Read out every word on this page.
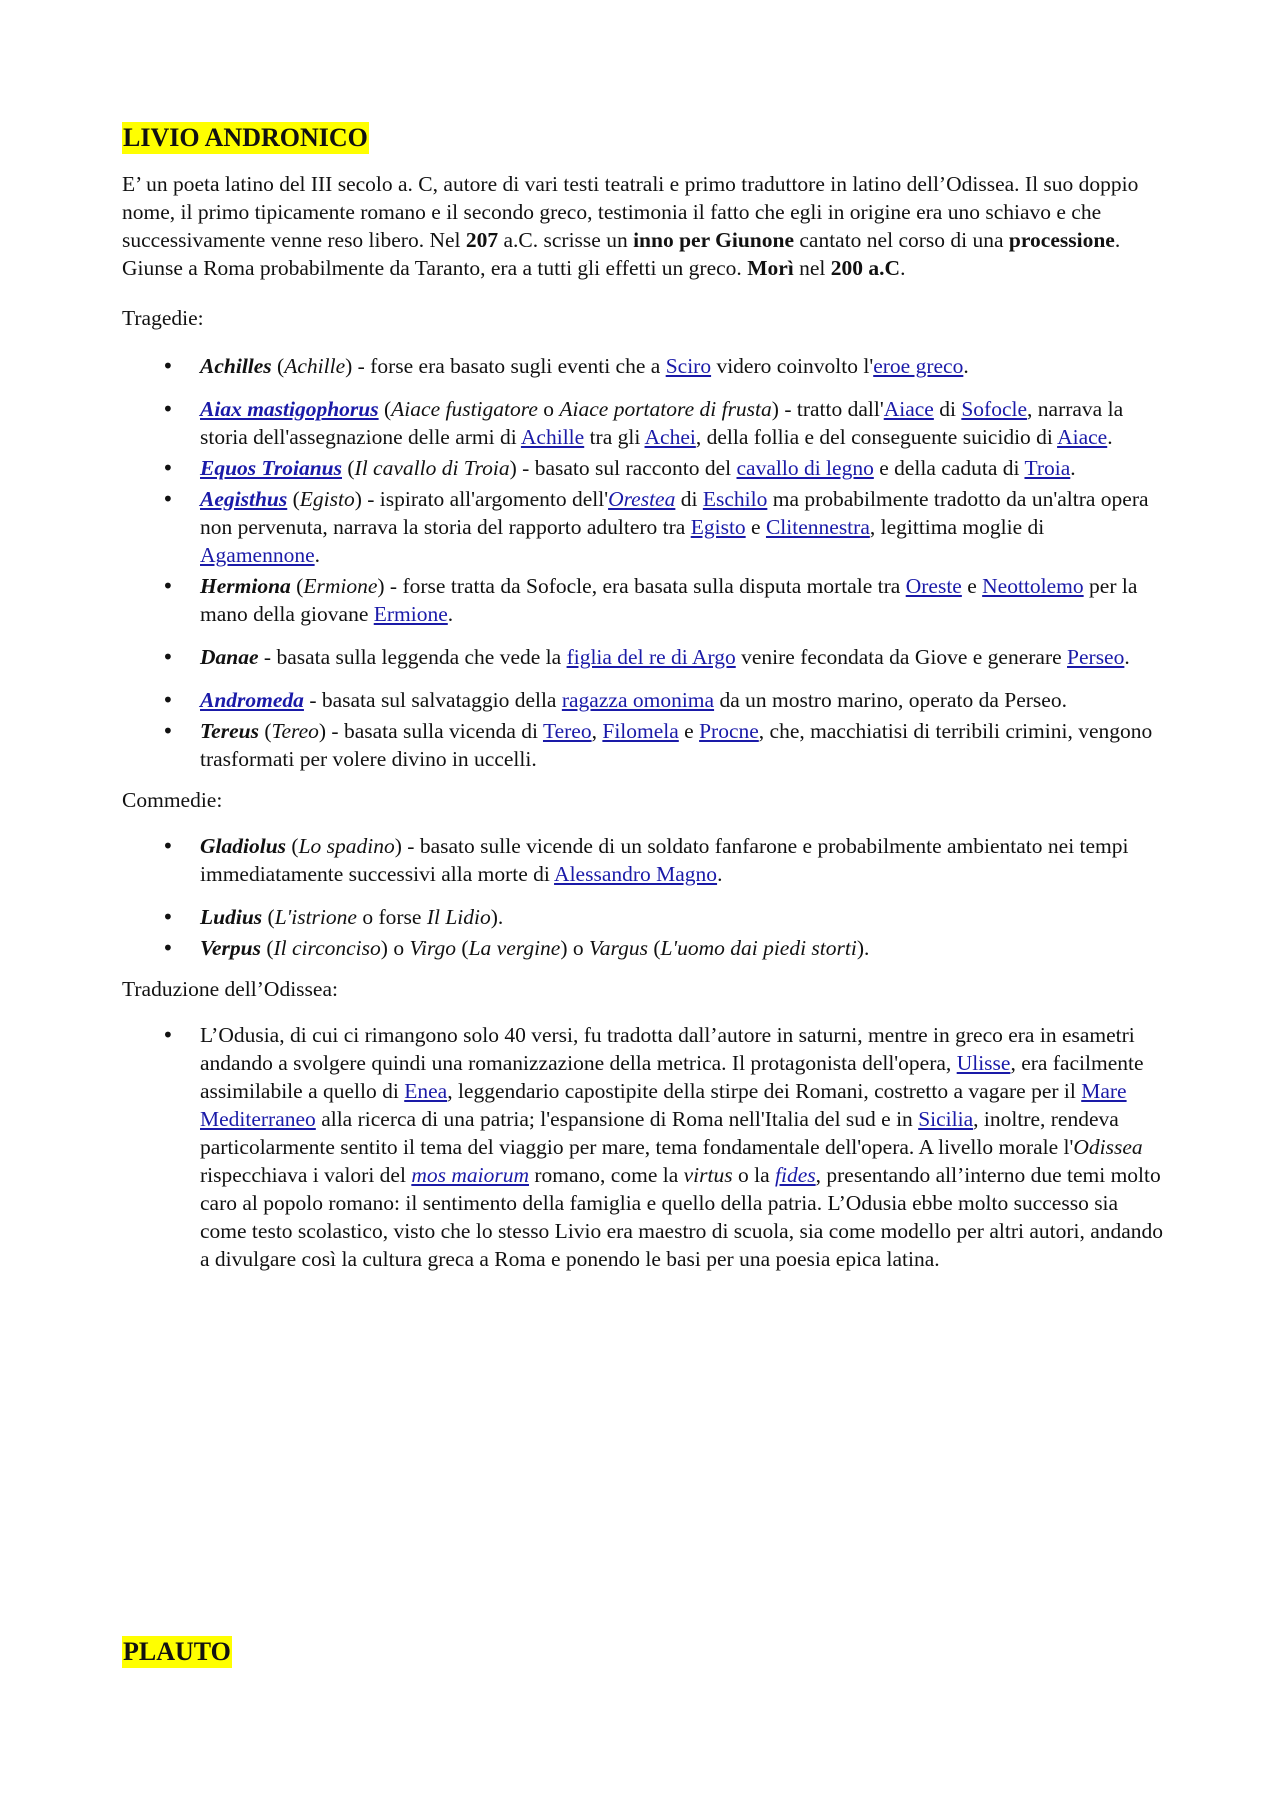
LIVIO ANDRONICO

E’ un poeta latino del III secolo a. C, autore di vari testi teatrali e primo traduttore in latino dell’Odissea. Il suo doppio nome, il primo tipicamente romano e il secondo greco, testimonia il fatto che egli in origine era uno schiavo e che successivamente venne reso libero. Nel 207 a.C. scrisse un inno per Giunone cantato nel corso di una processione. Giunse a Roma probabilmente da Taranto, era a tutti gli effetti un greco. Morì nel 200 a.C.

Tragedie:

• Achilles (Achille) - forse era basato sugli eventi che a Sciro videro coinvolto l'eroe greco.
• Aiax mastigophorus (Aiace fustigatore o Aiace portatore di frusta) - tratto dall'Aiace di Sofocle, narrava la storia dell'assegnazione delle armi di Achille tra gli Achei, della follia e del conseguente suicidio di Aiace.
• Equos Troianus (Il cavallo di Troia) - basato sul racconto del cavallo di legno e della caduta di Troia.
• Aegisthus (Egisto) - ispirato all'argomento dell'Orestea di Eschilo ma probabilmente tradotto da un'altra opera non pervenuta, narrava la storia del rapporto adultero tra Egisto e Clitennestra, legittima moglie di Agamennone.
• Hermiona (Ermione) - forse tratta da Sofocle, era basata sulla disputa mortale tra Oreste e Neottolemo per la mano della giovane Ermione.
• Danae - basata sulla leggenda che vede la figlia del re di Argo venire fecondata da Giove e generare Perseo.
• Andromeda - basata sul salvataggio della ragazza omonima da un mostro marino, operato da Perseo.
• Tereus (Tereo) - basata sulla vicenda di Tereo, Filomela e Procne, che, macchiatisi di terribili crimini, vengono trasformati per volere divino in uccelli.

Commedie:

• Gladiolus (Lo spadino) - basato sulle vicende di un soldato fanfarone e probabilmente ambientato nei tempi immediatamente successivi alla morte di Alessandro Magno.
• Ludius (L'istrione o forse Il Lidio).
• Verpus (Il circonciso) o Virgo (La vergine) o Vargus (L'uomo dai piedi storti).

Traduzione dell’Odissea:

• L’Odusia, di cui ci rimangono solo 40 versi, fu tradotta dall’autore in saturni, mentre in greco era in esametri andando a svolgere quindi una romanizzazione della metrica. Il protagonista dell'opera, Ulisse, era facilmente assimilabile a quello di Enea, leggendario capostipite della stirpe dei Romani, costretto a vagare per il Mare Mediterraneo alla ricerca di una patria; l'espansione di Roma nell'Italia del sud e in Sicilia, inoltre, rendeva particolarmente sentito il tema del viaggio per mare, tema fondamentale dell'opera. A livello morale l'Odissea rispecchiava i valori del mos maiorum romano, come la virtus o la fides, presentando all’interno due temi molto caro al popolo romano: il sentimento della famiglia e quello della patria. L’Odusia ebbe molto successo sia come testo scolastico, visto che lo stesso Livio era maestro di scuola, sia come modello per altri autori, andando a divulgare così la cultura greca a Roma e ponendo le basi per una poesia epica latina.
PLAUTO
